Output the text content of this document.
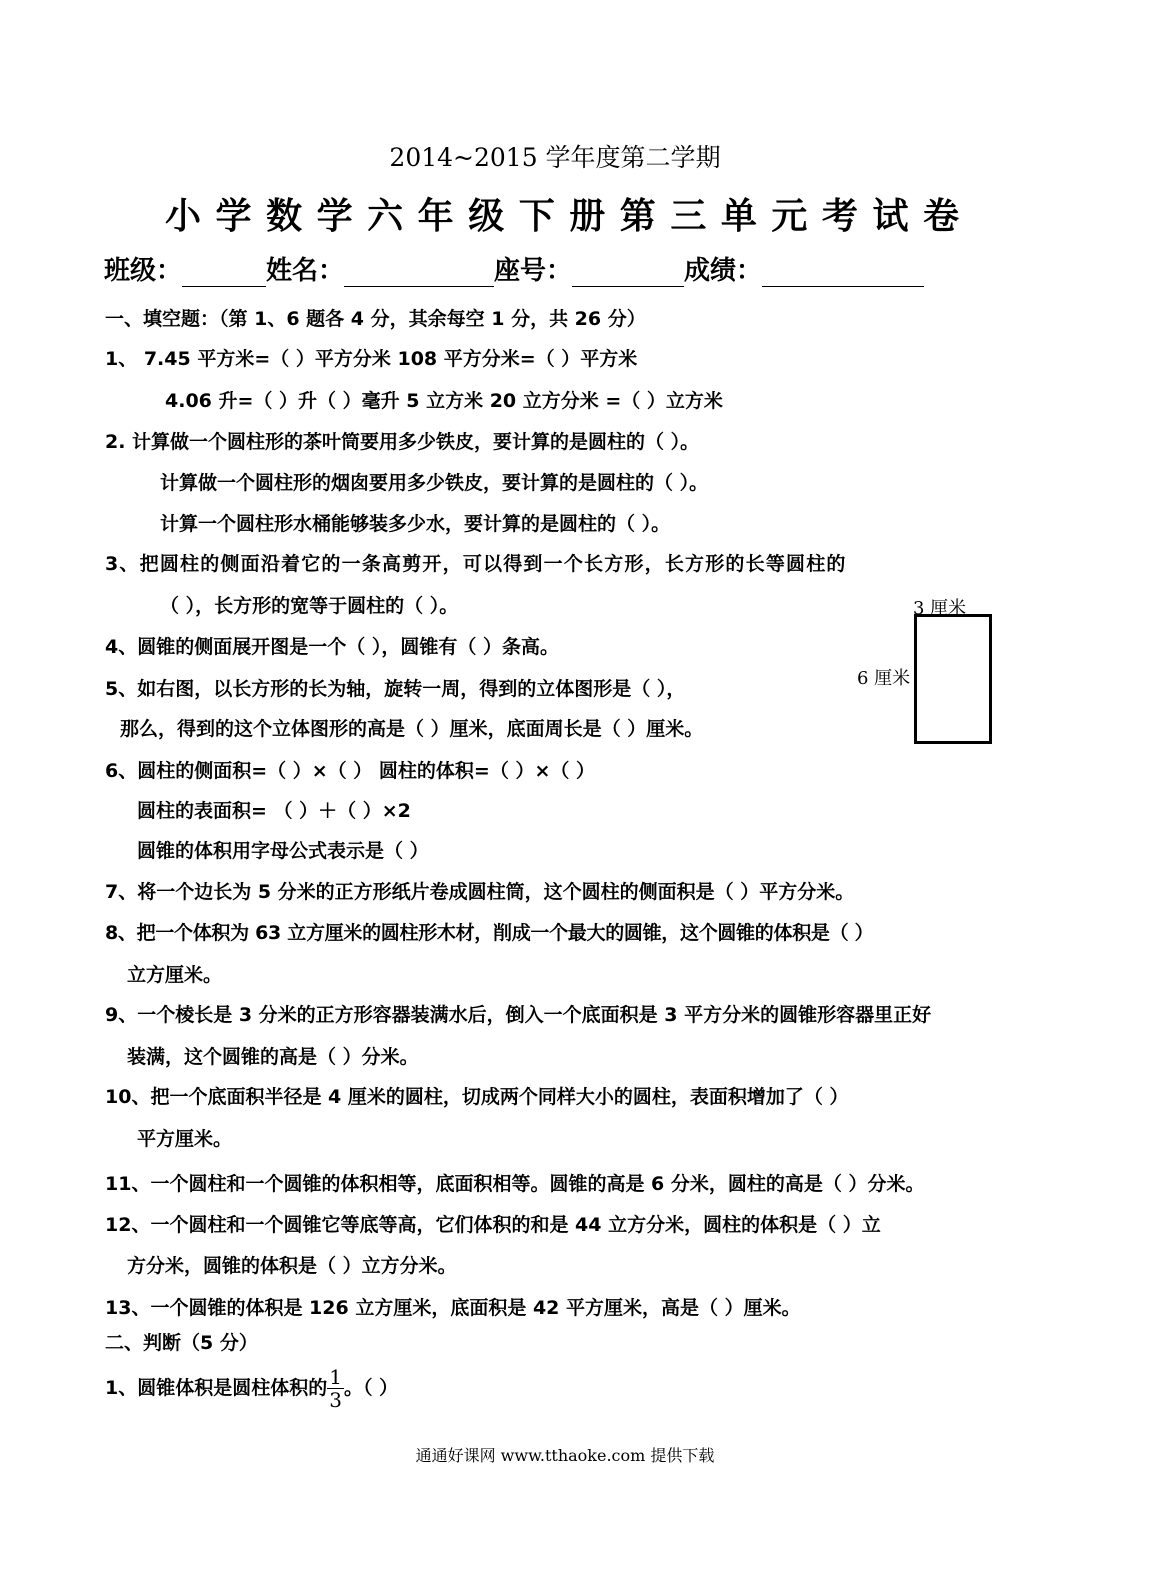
2014~2015 学年度第二学期
小 学 数 学 六 年 级 下 册 第 三 单 元 考 试 卷
班级：	姓名：	座号：	成绩：
一、填空题：（第 1、6 题各 4 分，其余每空 1 分，共 26 分）
1、 7.45 平方米=（ ）平方分米 108 平方分米=（ ）平方米
4.06 升=（ ）升（ ）毫升 5 立方米 20 立方分米 =（ ）立方米
2. 计算做一个圆柱形的茶叶筒要用多少铁皮，要计算的是圆柱的（ ）。
计算做一个圆柱形的烟囱要用多少铁皮，要计算的是圆柱的（ ）。
计算一个圆柱形水桶能够装多少水，要计算的是圆柱的（ ）。
3、把圆柱的侧面沿着它的一条高剪开，可以得到一个长方形，长方形的长等圆柱的
（ ），长方形的宽等于圆柱的（ ）。
4、圆锥的侧面展开图是一个（ ），圆锥有（ ）条高。
5、如右图，以长方形的长为轴，旋转一周，得到的立体图形是（ ），
那么，得到的这个立体图形的高是（ ）厘米，底面周长是（ ）厘米。
3 厘米
6 厘米
6、圆柱的侧面积=（ ）×（ ） 圆柱的体积=（ ）×（ ）
圆柱的表面积= （ ）＋（ ）×2
圆锥的体积用字母公式表示是（ ）
7、将一个边长为 5 分米的正方形纸片卷成圆柱筒，这个圆柱的侧面积是（ ）平方分米。
8、把一个体积为 63 立方厘米的圆柱形木材，削成一个最大的圆锥，这个圆锥的体积是（ ）
立方厘米。
9、一个棱长是 3 分米的正方形容器装满水后，倒入一个底面积是 3 平方分米的圆锥形容器里正好
装满，这个圆锥的高是（ ）分米。
10、把一个底面积半径是 4 厘米的圆柱，切成两个同样大小的圆柱，表面积增加了（ ）
平方厘米。
11、一个圆柱和一个圆锥的体积相等，底面积相等。圆锥的高是 6 分米，圆柱的高是（ ）分米。
12、一个圆柱和一个圆锥它等底等高，它们体积的和是 44 立方分米，圆柱的体积是（ ）立
方分米，圆锥的体积是（ ）立方分米。
13、一个圆锥的体积是 126 立方厘米，底面积是 42 平方厘米，高是（ ）厘米。
二、判断（5 分）
1、圆锥体积是圆柱体积的 $\frac{1}{3}$ 。（ ）
通通好课网 www.tthaoke.com 提供下载
